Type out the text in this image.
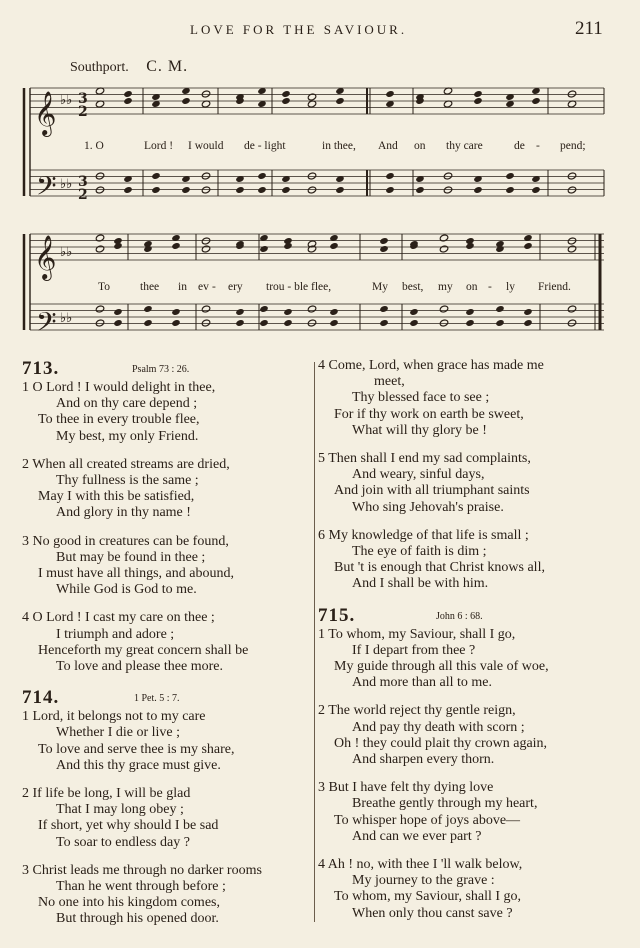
LOVE FOR THE SAVIOUR.	211
Southport. C. M.
𝄞
𝄢
𝄞
𝄢
♭♭
♭♭
♭♭
♭♭
3
2
3
2
1. O	Lord ! I would de - light	in thee, And on thy care	de - pend;
To	thee in ev - ery trou - ble flee,	My best, my on - ly Friend.
713.	Psalm 73 : 26.
1 O Lord ! I would delight in thee,
And on thy care depend ;
To thee in every trouble flee,
My best, my only Friend.
2 When all created streams are dried,
Thy fullness is the same ;
May I with this be satisfied,
And glory in thy name !
3 No good in creatures can be found,
But may be found in thee ;
I must have all things, and abound,
While God is God to me.
4 O Lord ! I cast my care on thee ;
I triumph and adore ;
Henceforth my great concern shall be
To love and please thee more.
714.	1 Pet. 5 : 7.
1 Lord, it belongs not to my care
Whether I die or live ;
To love and serve thee is my share,
And this thy grace must give.
2 If life be long, I will be glad
That I may long obey ;
If short, yet why should I be sad
To soar to endless day ?
3 Christ leads me through no darker rooms
Than he went through before ;
No one into his kingdom comes,
But through his opened door.
4 Come, Lord, when grace has made me
meet,
Thy blessed face to see ;
For if thy work on earth be sweet,
What will thy glory be !
5 Then shall I end my sad complaints,
And weary, sinful days,
And join with all triumphant saints
Who sing Jehovah's praise.
6 My knowledge of that life is small ;
The eye of faith is dim ;
But 't is enough that Christ knows all,
And I shall be with him.
715.	John 6 : 68.
1 To whom, my Saviour, shall I go,
If I depart from thee ?
My guide through all this vale of woe,
And more than all to me.
2 The world reject thy gentle reign,
And pay thy death with scorn ;
Oh ! they could plait thy crown again,
And sharpen every thorn.
3 But I have felt thy dying love
Breathe gently through my heart,
To whisper hope of joys above—
And can we ever part ?
4 Ah ! no, with thee I 'll walk below,
My journey to the grave :
To whom, my Saviour, shall I go,
When only thou canst save ?
